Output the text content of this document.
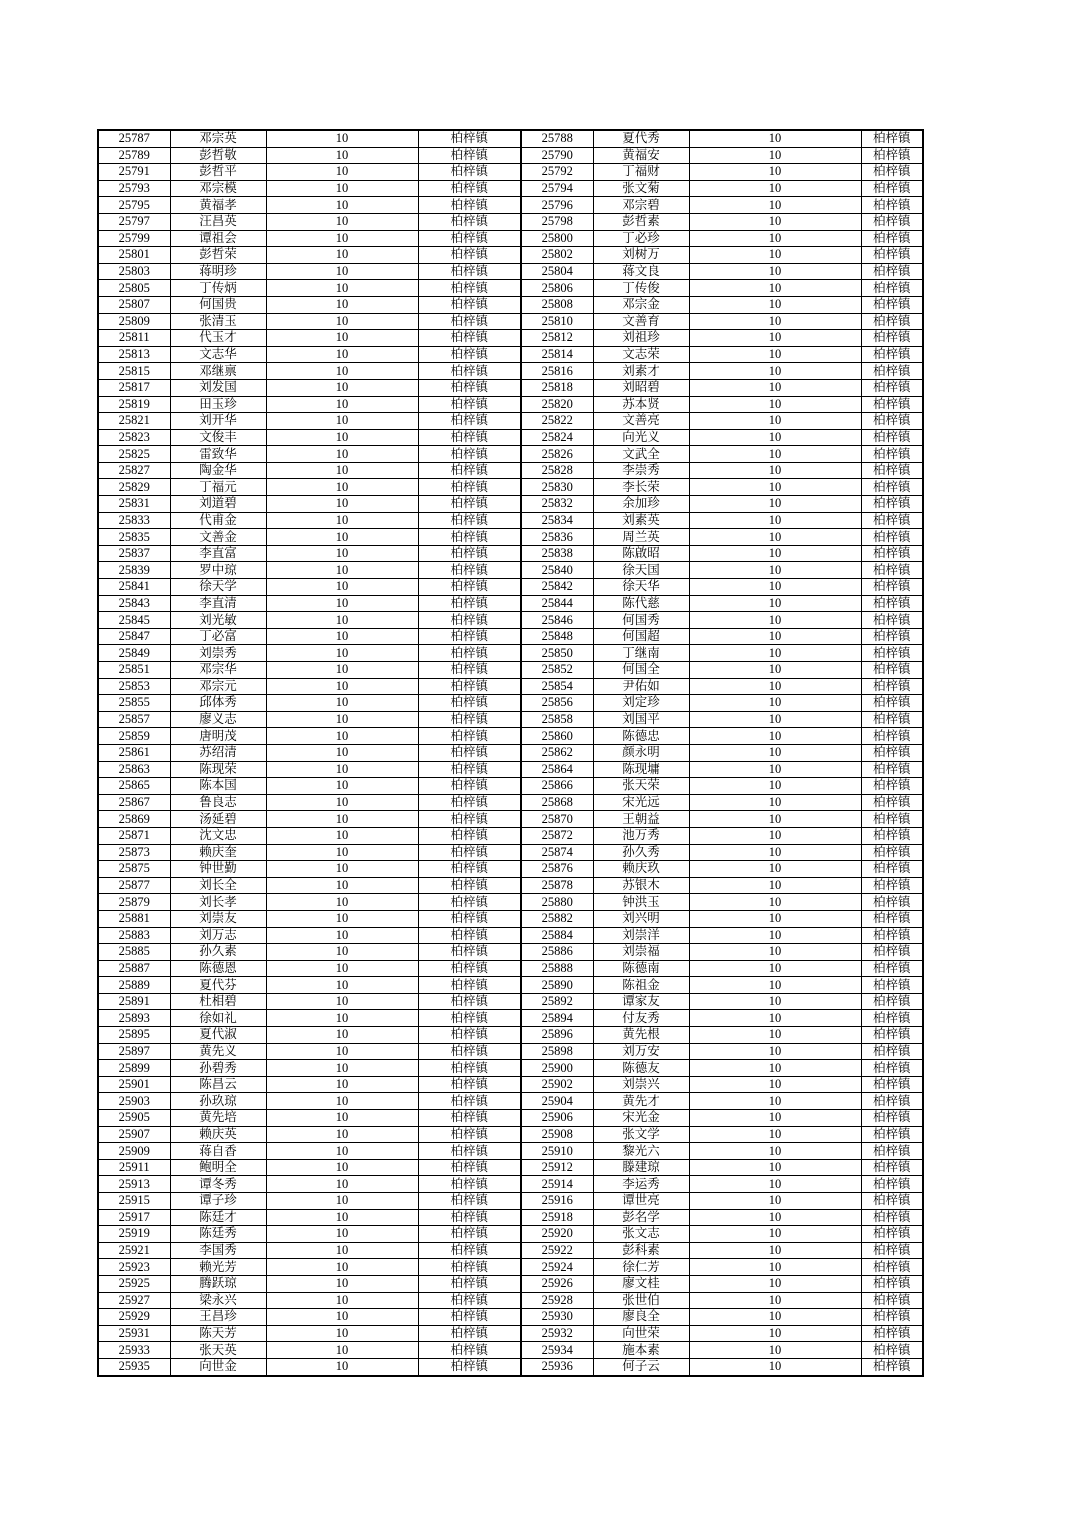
25787	邓宗英	10	柏梓镇	25788	夏代秀	10	柏梓镇
25789	彭哲敬	10	柏梓镇	25790	黄福安	10	柏梓镇
25791	彭哲平	10	柏梓镇	25792	丁福财	10	柏梓镇
25793	邓宗模	10	柏梓镇	25794	张文菊	10	柏梓镇
25795	黄福孝	10	柏梓镇	25796	邓宗碧	10	柏梓镇
25797	汪昌英	10	柏梓镇	25798	彭哲素	10	柏梓镇
25799	谭祖会	10	柏梓镇	25800	丁必珍	10	柏梓镇
25801	彭哲荣	10	柏梓镇	25802	刘树万	10	柏梓镇
25803	蒋明珍	10	柏梓镇	25804	蒋文良	10	柏梓镇
25805	丁传炳	10	柏梓镇	25806	丁传俊	10	柏梓镇
25807	何国贵	10	柏梓镇	25808	邓宗金	10	柏梓镇
25809	张清玉	10	柏梓镇	25810	文善育	10	柏梓镇
25811	代玉才	10	柏梓镇	25812	刘祖珍	10	柏梓镇
25813	文志华	10	柏梓镇	25814	文志荣	10	柏梓镇
25815	邓继禀	10	柏梓镇	25816	刘素才	10	柏梓镇
25817	刘发国	10	柏梓镇	25818	刘昭碧	10	柏梓镇
25819	田玉珍	10	柏梓镇	25820	苏本贤	10	柏梓镇
25821	刘开华	10	柏梓镇	25822	文善亮	10	柏梓镇
25823	文俊丰	10	柏梓镇	25824	向光义	10	柏梓镇
25825	雷致华	10	柏梓镇	25826	文武全	10	柏梓镇
25827	陶金华	10	柏梓镇	25828	李崇秀	10	柏梓镇
25829	丁福元	10	柏梓镇	25830	李长荣	10	柏梓镇
25831	刘道碧	10	柏梓镇	25832	余加珍	10	柏梓镇
25833	代甫金	10	柏梓镇	25834	刘素英	10	柏梓镇
25835	文善金	10	柏梓镇	25836	周兰英	10	柏梓镇
25837	李直富	10	柏梓镇	25838	陈啟昭	10	柏梓镇
25839	罗中琼	10	柏梓镇	25840	徐天国	10	柏梓镇
25841	徐天学	10	柏梓镇	25842	徐天华	10	柏梓镇
25843	李直清	10	柏梓镇	25844	陈代慈	10	柏梓镇
25845	刘光敏	10	柏梓镇	25846	何国秀	10	柏梓镇
25847	丁必富	10	柏梓镇	25848	何国超	10	柏梓镇
25849	刘崇秀	10	柏梓镇	25850	丁继南	10	柏梓镇
25851	邓宗华	10	柏梓镇	25852	何国全	10	柏梓镇
25853	邓宗元	10	柏梓镇	25854	尹佑如	10	柏梓镇
25855	邱体秀	10	柏梓镇	25856	刘定珍	10	柏梓镇
25857	廖义志	10	柏梓镇	25858	刘国平	10	柏梓镇
25859	唐明茂	10	柏梓镇	25860	陈德忠	10	柏梓镇
25861	苏绍清	10	柏梓镇	25862	颜永明	10	柏梓镇
25863	陈现荣	10	柏梓镇	25864	陈现墉	10	柏梓镇
25865	陈本国	10	柏梓镇	25866	张天荣	10	柏梓镇
25867	鲁良志	10	柏梓镇	25868	宋光远	10	柏梓镇
25869	汤延碧	10	柏梓镇	25870	王朝益	10	柏梓镇
25871	沈文忠	10	柏梓镇	25872	池万秀	10	柏梓镇
25873	赖庆奎	10	柏梓镇	25874	孙久秀	10	柏梓镇
25875	钟世勤	10	柏梓镇	25876	赖庆玖	10	柏梓镇
25877	刘长全	10	柏梓镇	25878	苏银木	10	柏梓镇
25879	刘长孝	10	柏梓镇	25880	钟洪玉	10	柏梓镇
25881	刘崇友	10	柏梓镇	25882	刘兴明	10	柏梓镇
25883	刘万志	10	柏梓镇	25884	刘崇洋	10	柏梓镇
25885	孙久素	10	柏梓镇	25886	刘崇福	10	柏梓镇
25887	陈德恩	10	柏梓镇	25888	陈德南	10	柏梓镇
25889	夏代芬	10	柏梓镇	25890	陈祖金	10	柏梓镇
25891	杜相碧	10	柏梓镇	25892	谭家友	10	柏梓镇
25893	徐如礼	10	柏梓镇	25894	付友秀	10	柏梓镇
25895	夏代淑	10	柏梓镇	25896	黄先根	10	柏梓镇
25897	黄先义	10	柏梓镇	25898	刘万安	10	柏梓镇
25899	孙碧秀	10	柏梓镇	25900	陈德友	10	柏梓镇
25901	陈昌云	10	柏梓镇	25902	刘崇兴	10	柏梓镇
25903	孙玖琼	10	柏梓镇	25904	黄先才	10	柏梓镇
25905	黄先培	10	柏梓镇	25906	宋光金	10	柏梓镇
25907	赖庆英	10	柏梓镇	25908	张文学	10	柏梓镇
25909	蒋自香	10	柏梓镇	25910	黎光六	10	柏梓镇
25911	鲍明全	10	柏梓镇	25912	滕建琼	10	柏梓镇
25913	谭冬秀	10	柏梓镇	25914	李运秀	10	柏梓镇
25915	谭子珍	10	柏梓镇	25916	谭世亮	10	柏梓镇
25917	陈廷才	10	柏梓镇	25918	彭名学	10	柏梓镇
25919	陈廷秀	10	柏梓镇	25920	张文志	10	柏梓镇
25921	李国秀	10	柏梓镇	25922	彭科素	10	柏梓镇
25923	赖光芳	10	柏梓镇	25924	徐仁芳	10	柏梓镇
25925	腾跃琼	10	柏梓镇	25926	廖文桂	10	柏梓镇
25927	梁永兴	10	柏梓镇	25928	张世伯	10	柏梓镇
25929	王昌珍	10	柏梓镇	25930	廖良全	10	柏梓镇
25931	陈天芳	10	柏梓镇	25932	向世荣	10	柏梓镇
25933	张天英	10	柏梓镇	25934	施本素	10	柏梓镇
25935	向世金	10	柏梓镇	25936	何子云	10	柏梓镇
